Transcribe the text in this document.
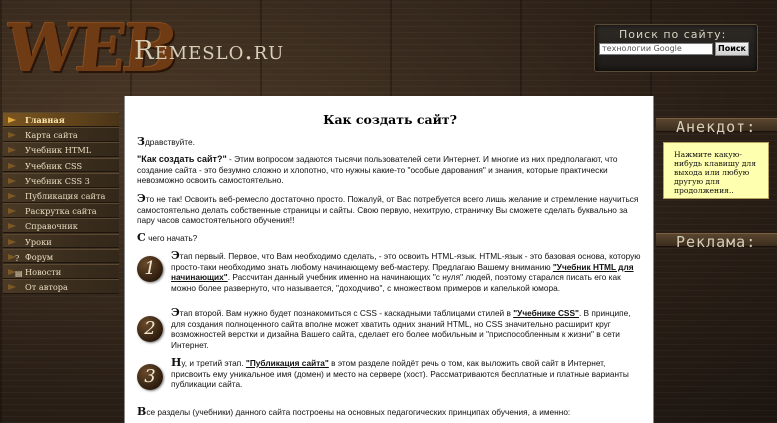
WEB
Remeslo.ru
Поиск по сайту:
технологии Google	Поиск
Главная
Карта сайта
Учебник HTML
Учебник CSS
Учебник CSS 3
Публикация сайта
Раскрутка сайта
Справочник
Уроки
? Форум
▤ Новости
От автора
Как создать сайт?
Здравствуйте.
"Как создать сайт?" - Этим вопросом задаются тысячи пользователей сети Интернет. И многие из них предполагают, что создание сайта - это безумно сложно и хлопотно, что нужны какие-то "особые дарования" и знания, которые практически невозможно освоить самостоятельно.
Это не так! Освоить веб-ремесло достаточно просто. Пожалуй, от Вас потребуется всего лишь желание и стремление научиться самостоятельно делать собственные страницы и сайты. Свою первую, нехитрую, страничку Вы сможете сделать буквально за пару часов самостоятельного обучения!!
С чего начать?
1
Этап первый. Первое, что Вам необходимо сделать, - это освоить HTML-язык. HTML-язык - это базовая основа, которую просто-таки необходимо знать любому начинающему веб-мастеру. Предлагаю Вашему вниманию "Учебник HTML для начинающих". Рассчитан данный учебник именно на начинающих "с нуля" людей, поэтому старался писать его как можно более развернуто, что называется, "доходчиво", с множеством примеров и капелькой юмора.
2
Этап второй. Вам нужно будет познакомиться с CSS - каскадными таблицами стилей в "Учебнике CSS". В принципе, для создания полноценного сайта вполне может хватить одних знаний HTML, но CSS значительно расширит круг возможностей верстки и дизайна Вашего сайта, сделает его более мобильным и "приспособленным к жизни" в сети Интернет.
3
Ну, и третий этап. "Публикация сайта" в этом разделе пойдёт речь о том, как выложить свой сайт в Интернет, присвоить ему уникальное имя (домен) и место на сервере (хост). Рассматриваются бесплатные и платные варианты публикации сайта.
Все разделы (учебники) данного сайта построены на основных педагогических принципах обучения, а именно:
Анекдот:
Нажмите какую-нибудь клавишу для выхода или любую другую для продолжения..
Реклама:
